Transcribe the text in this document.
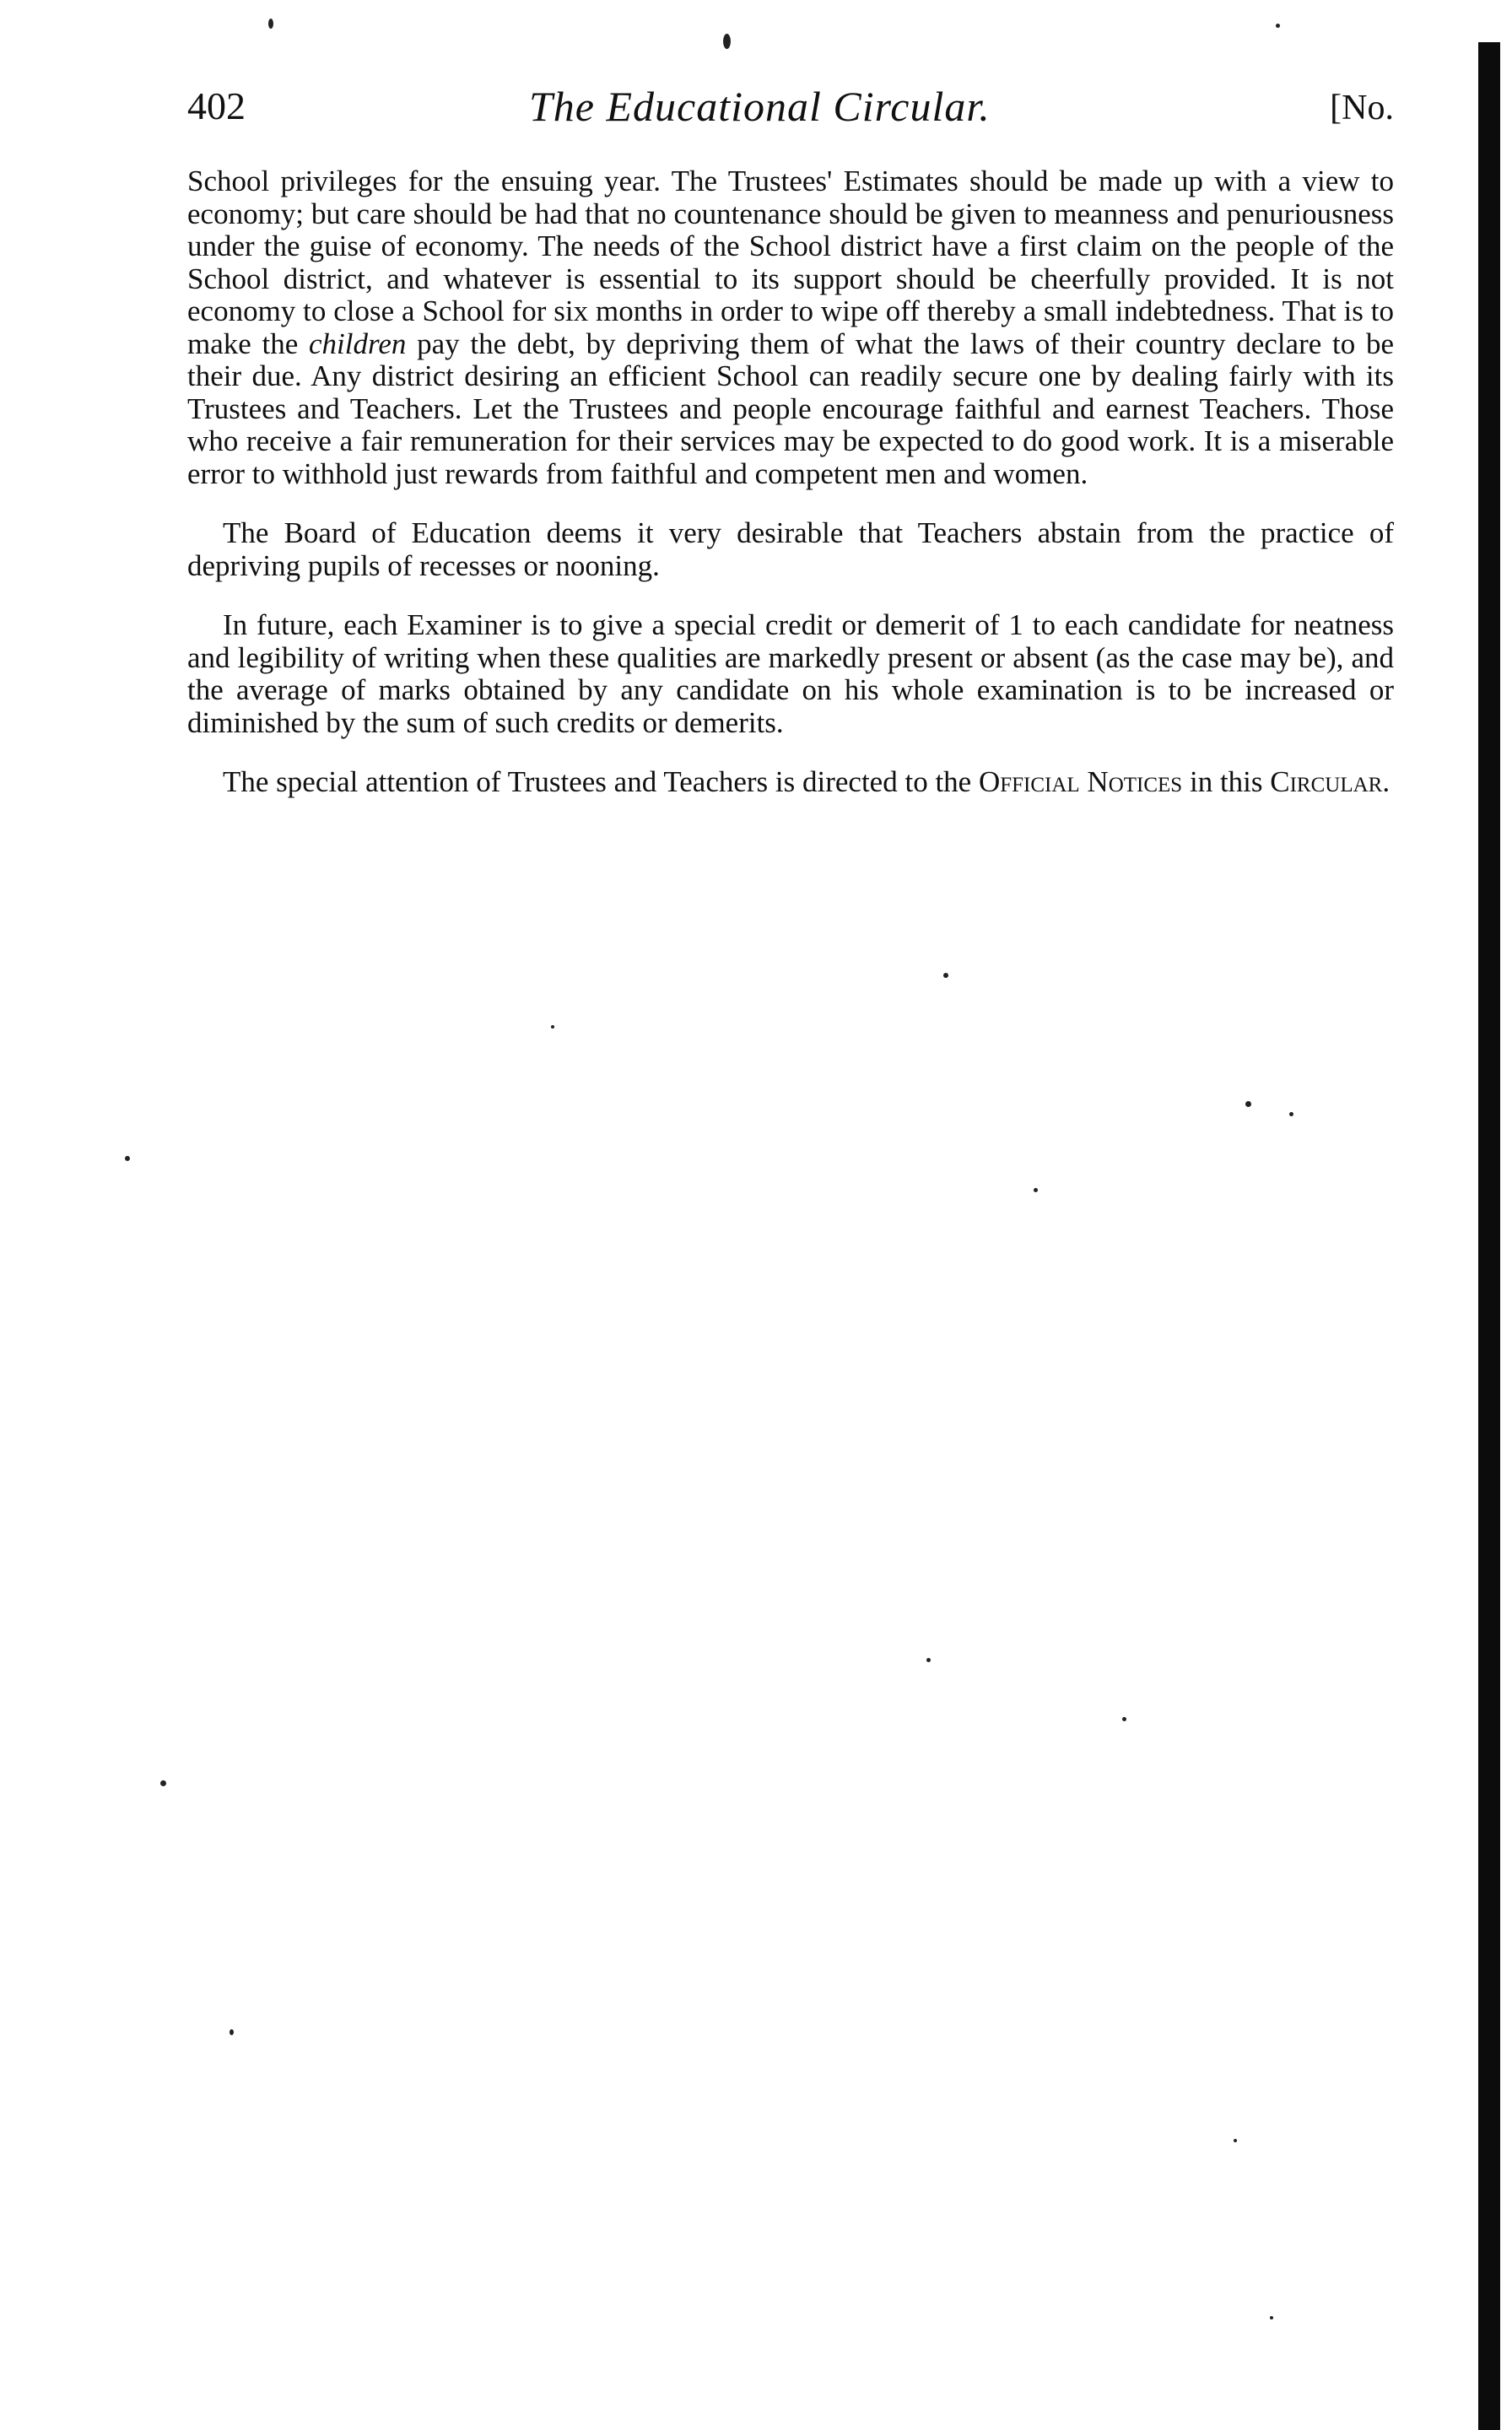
402	The Educational Circular.	[No.

School privileges for the ensuing year. The Trustees' Estimates should be made up with a view to economy; but care should be had that no countenance should be given to meanness and penuriousness under the guise of economy. The needs of the School district have a first claim on the people of the School district, and whatever is essential to its support should be cheerfully provided. It is not economy to close a School for six months in order to wipe off thereby a small indebtedness. That is to make the children pay the debt, by depriving them of what the laws of their country declare to be their due. Any district desiring an efficient School can readily secure one by dealing fairly with its Trustees and Teachers. Let the Trustees and people encourage faithful and earnest Teachers. Those who receive a fair remuneration for their services may be expected to do good work. It is a miserable error to withhold just rewards from faithful and competent men and women.

The Board of Education deems it very desirable that Teachers abstain from the practice of depriving pupils of recesses or nooning.

In future, each Examiner is to give a special credit or demerit of 1 to each candidate for neatness and legibility of writing when these qualities are markedly present or absent (as the case may be), and the average of marks obtained by any candidate on his whole examination is to be increased or diminished by the sum of such credits or demerits.

The special attention of Trustees and Teachers is directed to the Official Notices in this Circular.
